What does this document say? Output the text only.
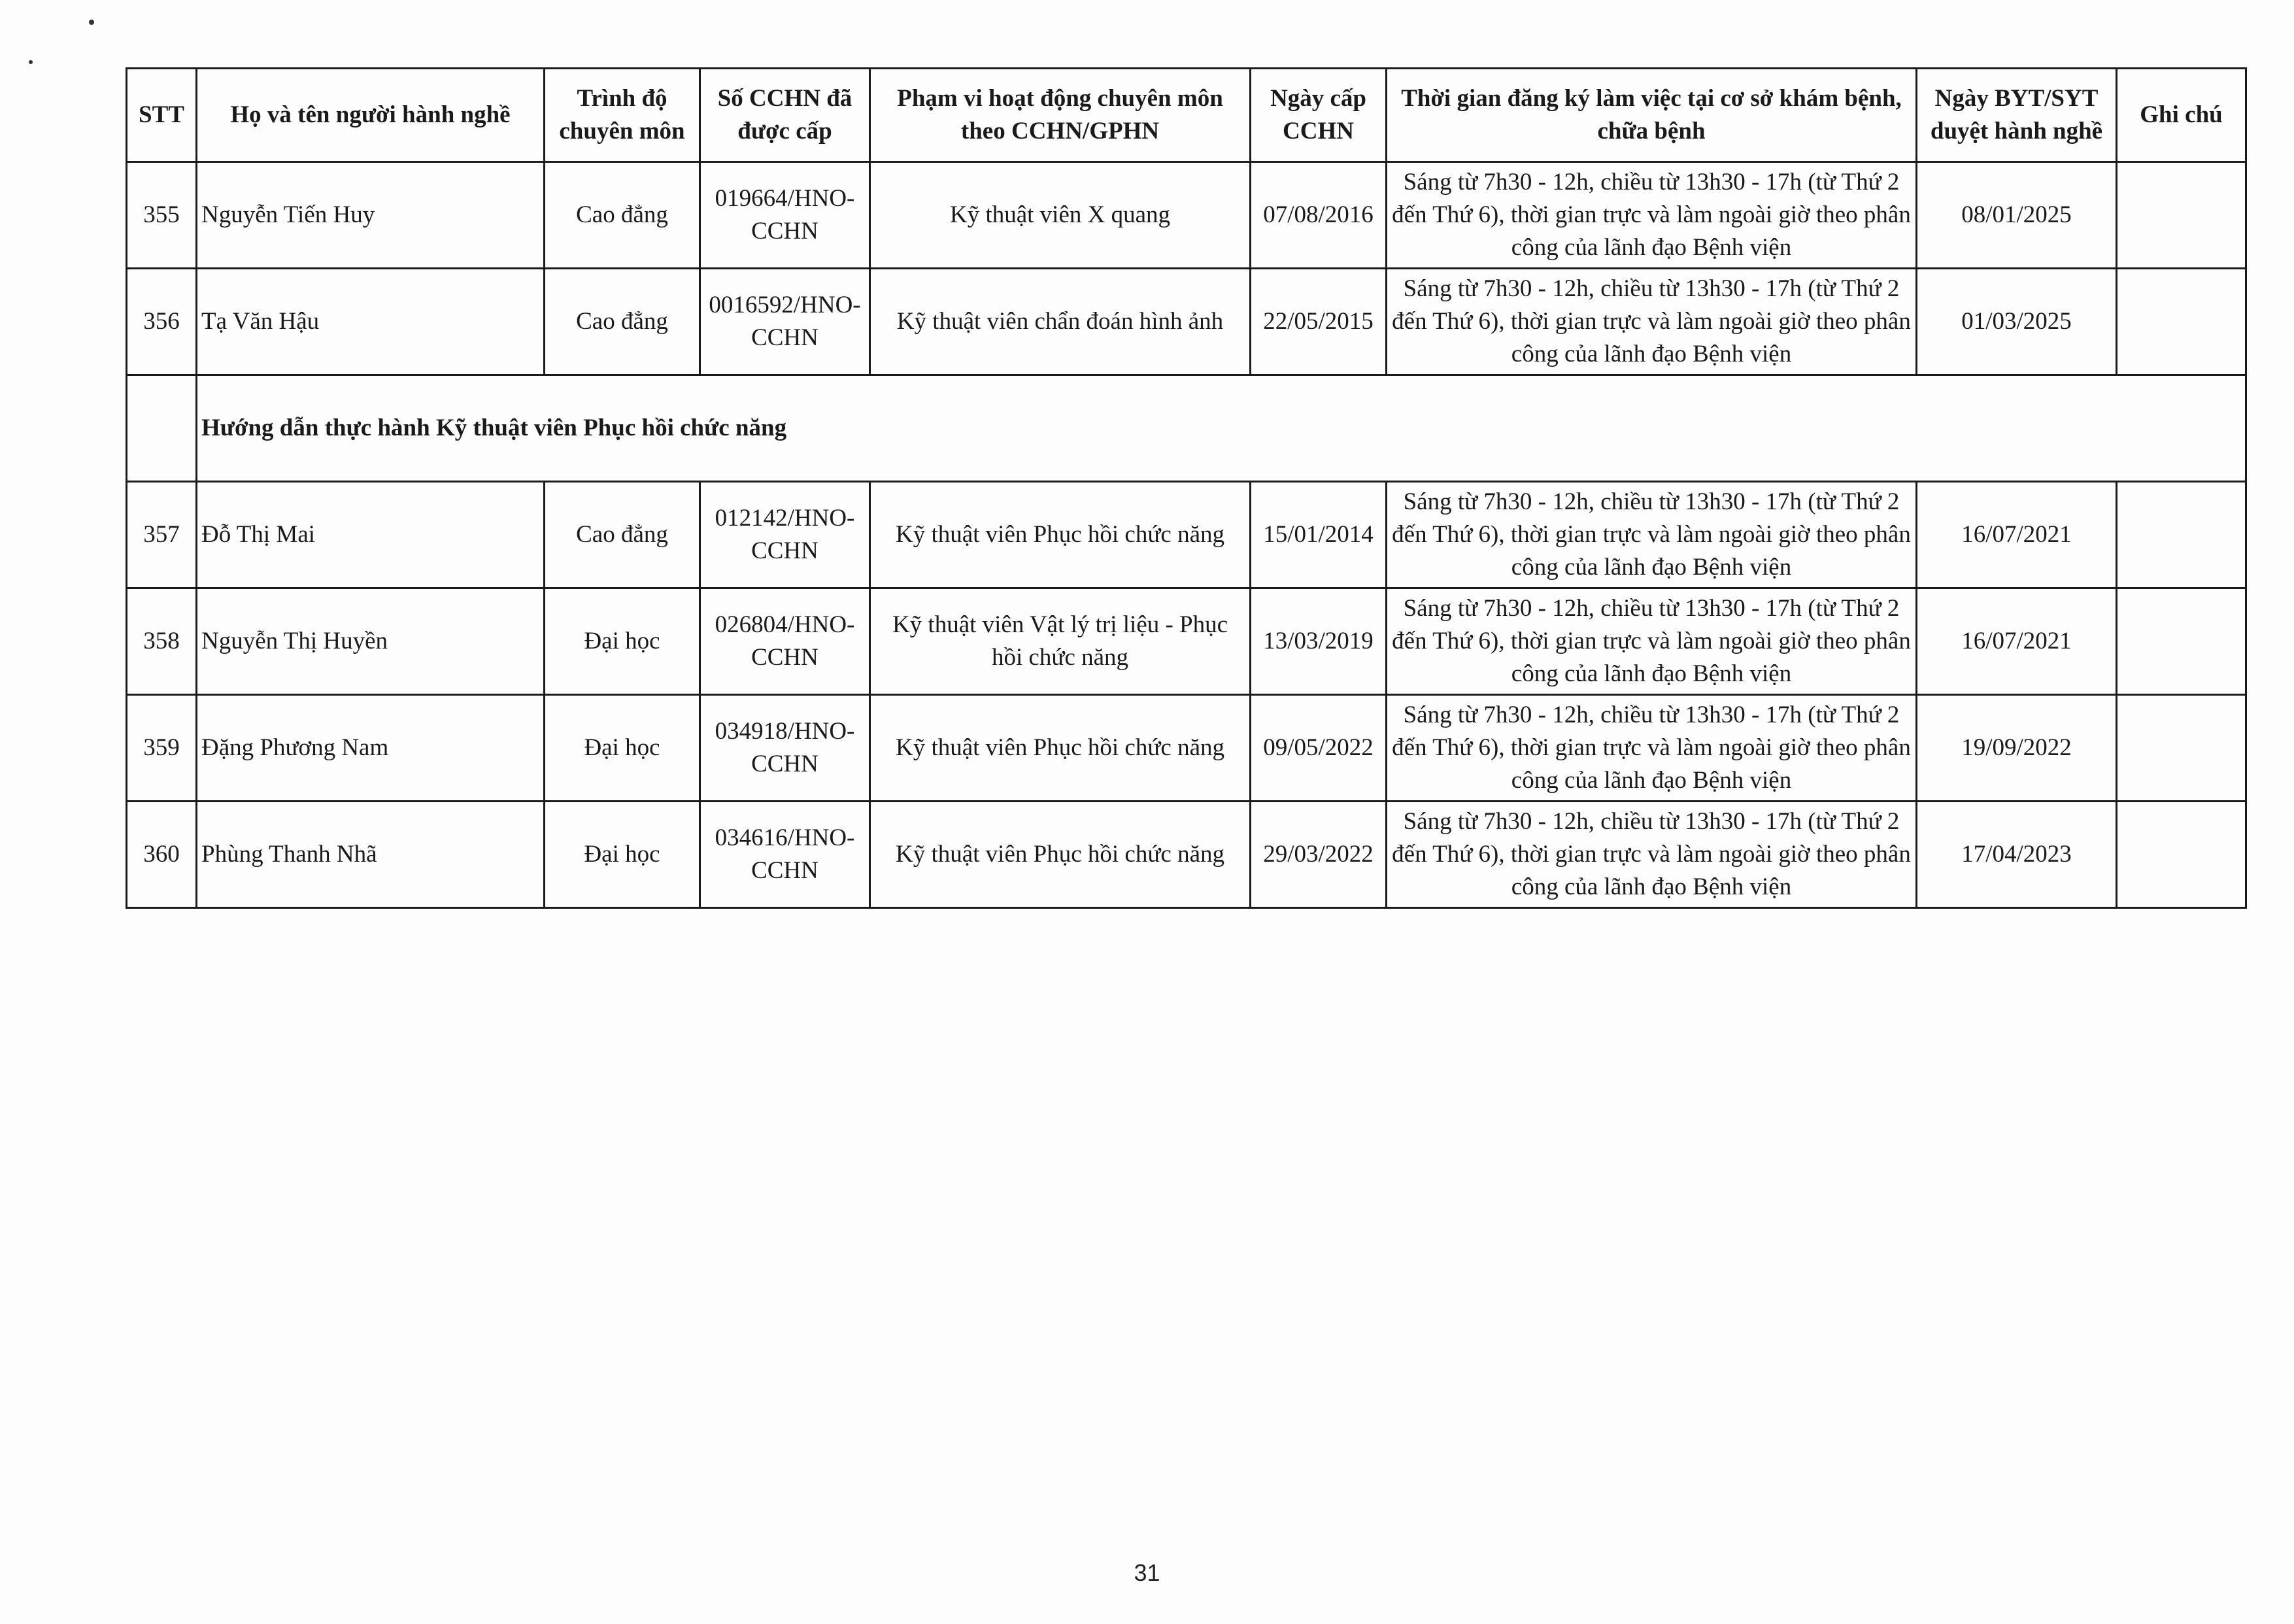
STT	Họ và tên người hành nghề	Trình độ chuyên môn	Số CCHN đã được cấp	Phạm vi hoạt động chuyên môn theo CCHN/GPHN	Ngày cấp CCHN	Thời gian đăng ký làm việc tại cơ sở khám bệnh, chữa bệnh	Ngày BYT/SYT duyệt hành nghề	Ghi chú
355	Nguyễn Tiến Huy	Cao đẳng	019664/HNO-CCHN	Kỹ thuật viên X quang	07/08/2016	Sáng từ 7h30 - 12h, chiều từ 13h30 - 17h (từ Thứ 2 đến Thứ 6), thời gian trực và làm ngoài giờ theo phân công của lãnh đạo Bệnh viện	08/01/2025	
356	Tạ Văn Hậu	Cao đẳng	0016592/HNO-CCHN	Kỹ thuật viên chẩn đoán hình ảnh	22/05/2015	Sáng từ 7h30 - 12h, chiều từ 13h30 - 17h (từ Thứ 2 đến Thứ 6), thời gian trực và làm ngoài giờ theo phân công của lãnh đạo Bệnh viện	01/03/2025	
	Hướng dẫn thực hành Kỹ thuật viên Phục hồi chức năng							
357	Đỗ Thị Mai	Cao đẳng	012142/HNO-CCHN	Kỹ thuật viên Phục hồi chức năng	15/01/2014	Sáng từ 7h30 - 12h, chiều từ 13h30 - 17h (từ Thứ 2 đến Thứ 6), thời gian trực và làm ngoài giờ theo phân công của lãnh đạo Bệnh viện	16/07/2021	
358	Nguyễn Thị Huyền	Đại học	026804/HNO-CCHN	Kỹ thuật viên Vật lý trị liệu - Phục hồi chức năng	13/03/2019	Sáng từ 7h30 - 12h, chiều từ 13h30 - 17h (từ Thứ 2 đến Thứ 6), thời gian trực và làm ngoài giờ theo phân công của lãnh đạo Bệnh viện	16/07/2021	
359	Đặng Phương Nam	Đại học	034918/HNO-CCHN	Kỹ thuật viên Phục hồi chức năng	09/05/2022	Sáng từ 7h30 - 12h, chiều từ 13h30 - 17h (từ Thứ 2 đến Thứ 6), thời gian trực và làm ngoài giờ theo phân công của lãnh đạo Bệnh viện	19/09/2022	
360	Phùng Thanh Nhã	Đại học	034616/HNO-CCHN	Kỹ thuật viên Phục hồi chức năng	29/03/2022	Sáng từ 7h30 - 12h, chiều từ 13h30 - 17h (từ Thứ 2 đến Thứ 6), thời gian trực và làm ngoài giờ theo phân công của lãnh đạo Bệnh viện	17/04/2023	
31
